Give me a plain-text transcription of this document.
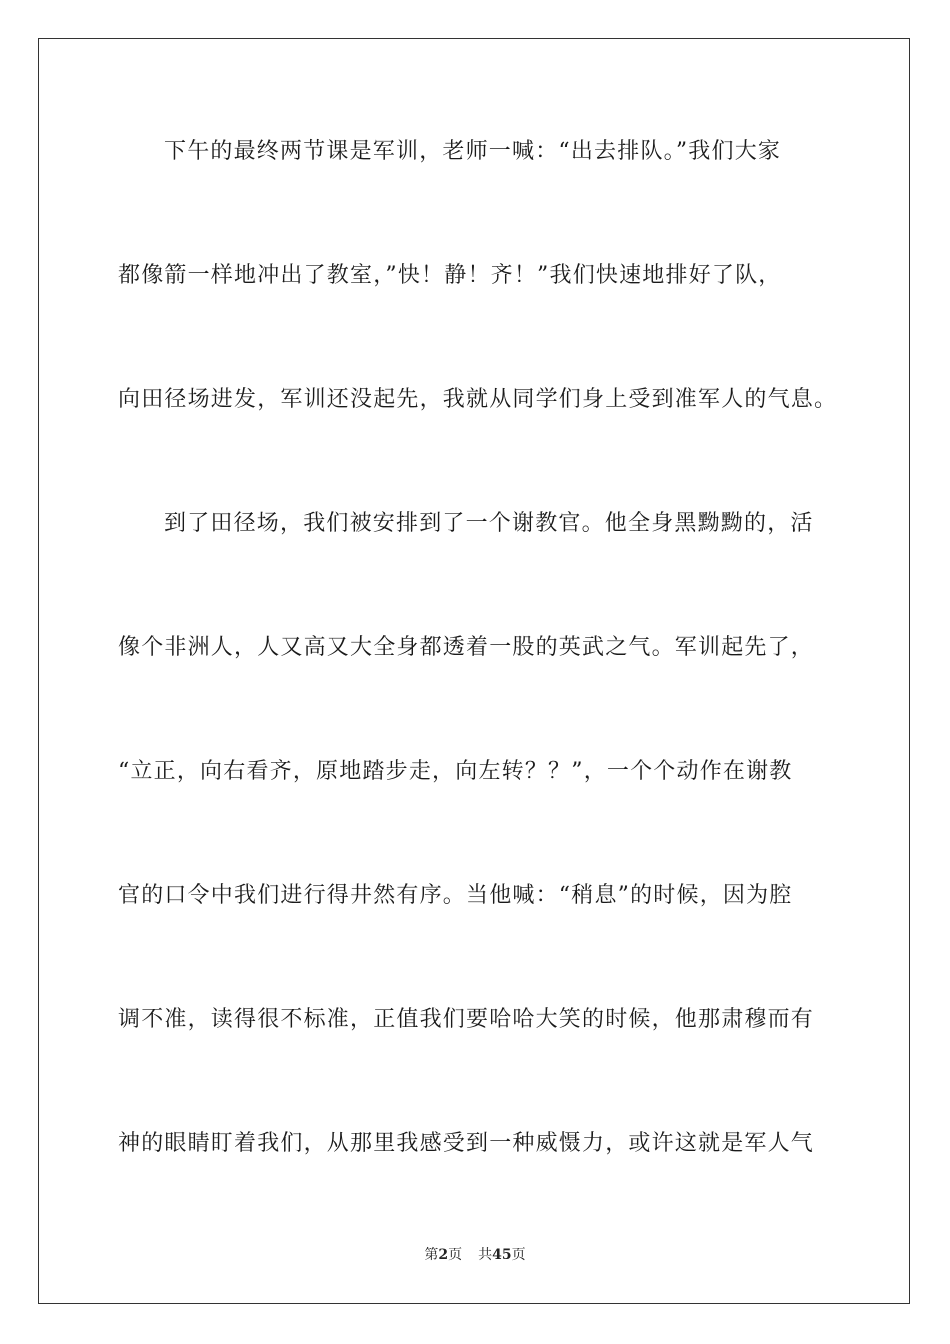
下午的最终两节课是军训，老师一喊：“出去排队。”我们大家
都像箭一样地冲出了教室，”快！静！齐！”我们快速地排好了队，
向田径场进发，军训还没起先，我就从同学们身上受到准军人的气息。
到了田径场，我们被安排到了一个谢教官。他全身黑黝黝的，活
像个非洲人，人又高又大全身都透着一股的英武之气。军训起先了，
“立正，向右看齐，原地踏步走，向左转？？”，一个个动作在谢教
官的口令中我们进行得井然有序。当他喊：“稍息”的时候，因为腔
调不准，读得很不标准，正值我们要哈哈大笑的时候，他那肃穆而有
神的眼睛盯着我们，从那里我感受到一种威慑力，或许这就是军人气
第2页 共45页
